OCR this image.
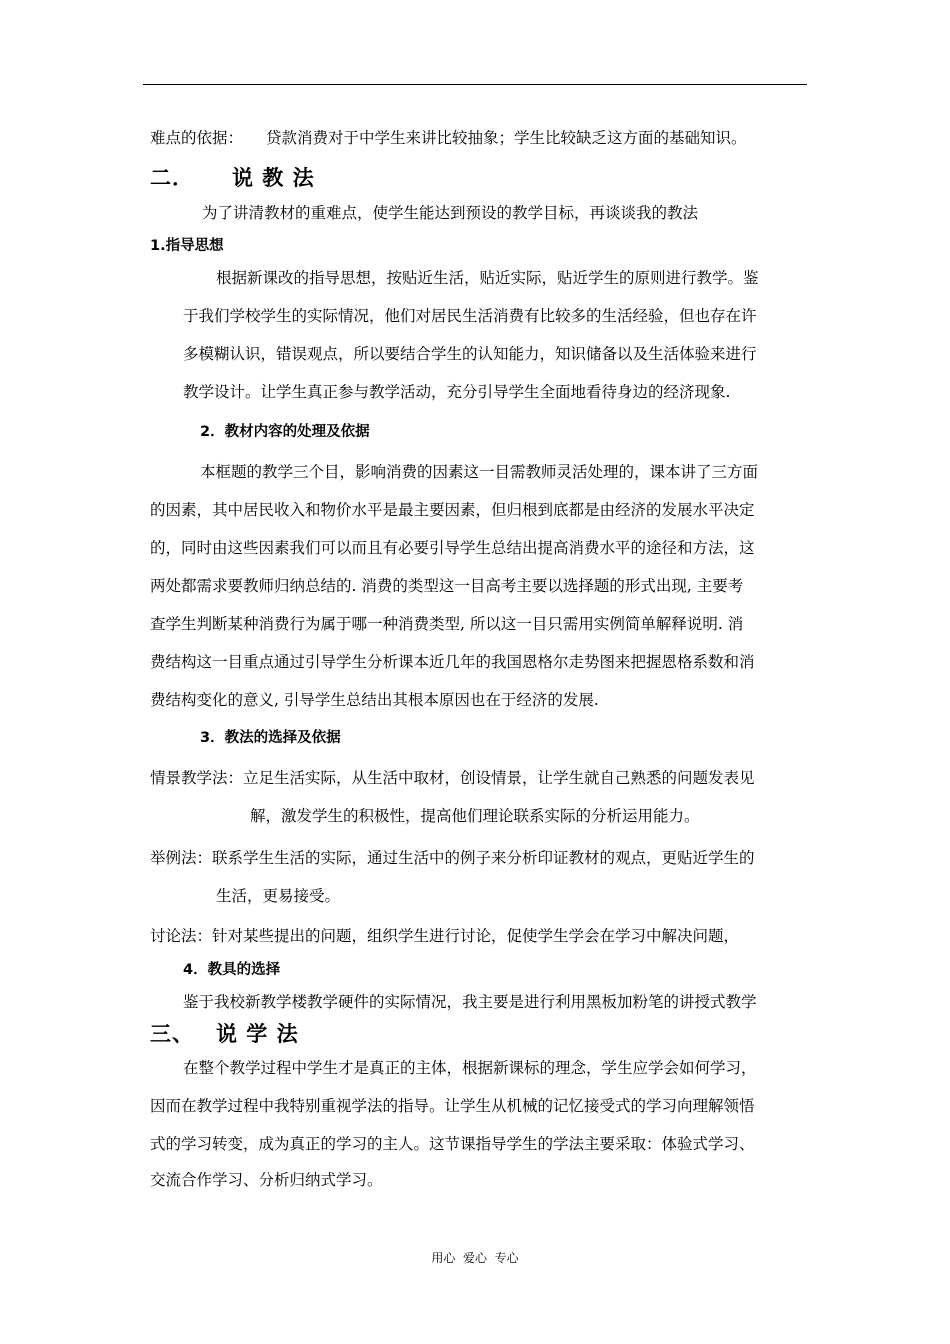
难点的依据： 贷款消费对于中学生来讲比较抽象；学生比较缺乏这方面的基础知识。
二． 说 教 法
为了讲清教材的重难点，使学生能达到预设的教学目标，再谈谈我的教法
1.指导思想
根据新课改的指导思想，按贴近生活，贴近实际，贴近学生的原则进行教学。鉴
于我们学校学生的实际情况，他们对居民生活消费有比较多的生活经验，但也存在许
多模糊认识，错误观点，所以要结合学生的认知能力，知识储备以及生活体验来进行
教学设计。让学生真正参与教学活动，充分引导学生全面地看待身边的经济现象.
2．教材内容的处理及依据
本框题的教学三个目，影响消费的因素这一目需教师灵活处理的，课本讲了三方面
的因素，其中居民收入和物价水平是最主要因素，但归根到底都是由经济的发展水平决定
的，同时由这些因素我们可以而且有必要引导学生总结出提高消费水平的途径和方法，这
两处都需求要教师归纳总结的. 消费的类型这一目高考主要以选择题的形式出现, 主要考
查学生判断某种消费行为属于哪一种消费类型, 所以这一目只需用实例简单解释说明. 消
费结构这一目重点通过引导学生分析课本近几年的我国恩格尔走势图来把握恩格系数和消
费结构变化的意义, 引导学生总结出其根本原因也在于经济的发展.
3．教法的选择及依据
情景教学法：立足生活实际，从生活中取材，创设情景，让学生就自己熟悉的问题发表见
解，激发学生的积极性，提高他们理论联系实际的分析运用能力。
举例法：联系学生生活的实际，通过生活中的例子来分析印证教材的观点，更贴近学生的
生活，更易接受。
讨论法：针对某些提出的问题，组织学生进行讨论，促使学生学会在学习中解决问题，
4．教具的选择
鉴于我校新教学楼教学硬件的实际情况，我主要是进行利用黑板加粉笔的讲授式教学
三、 说 学 法
在整个教学过程中学生才是真正的主体，根据新课标的理念，学生应学会如何学习，
因而在教学过程中我特别重视学法的指导。让学生从机械的记忆接受式的学习向理解领悟
式的学习转变，成为真正的学习的主人。这节课指导学生的学法主要采取：体验式学习、
交流合作学习、分析归纳式学习。
用心  爱心  专心
